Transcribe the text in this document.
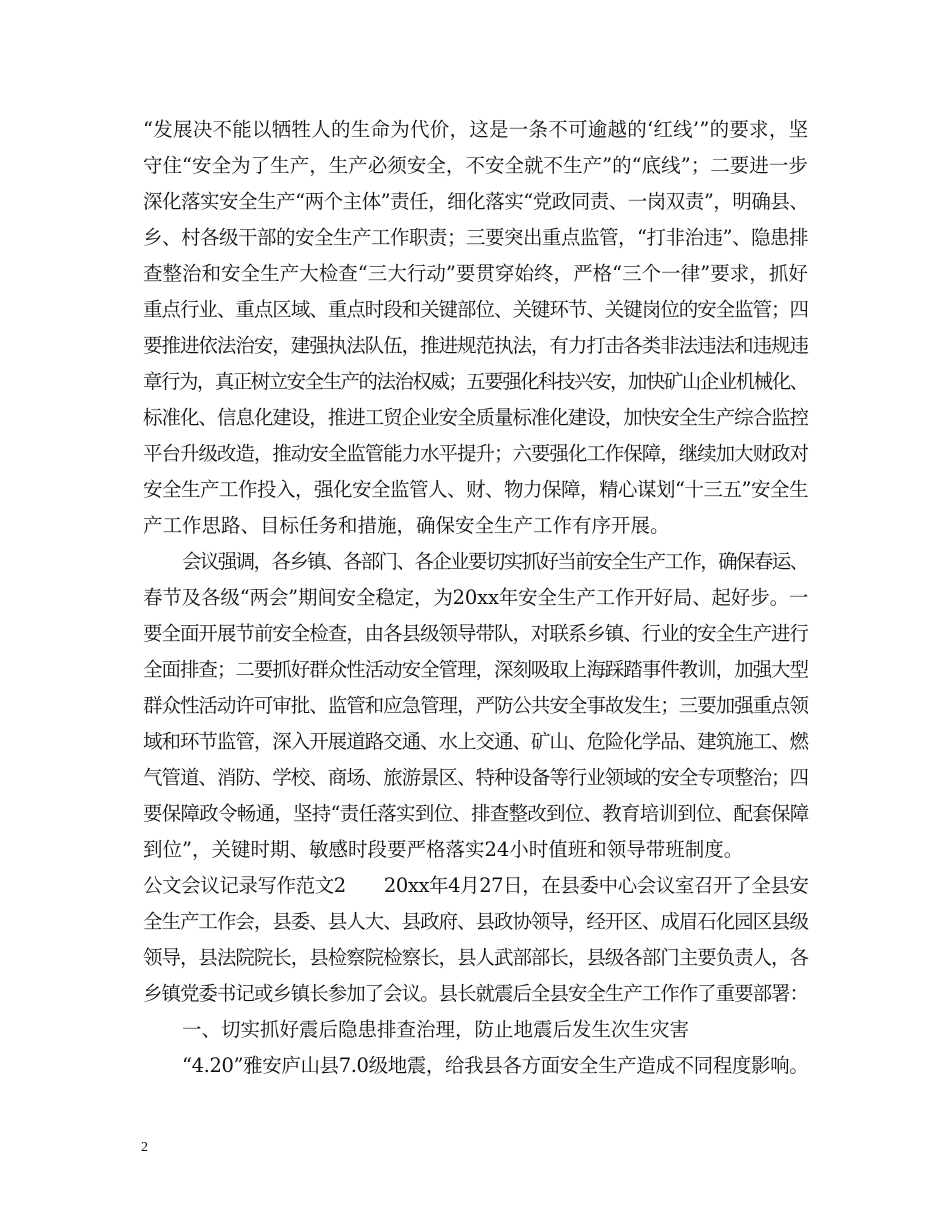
“发展决不能以牺牲人的生命为代价，这是一条不可逾越的‘红线’”的要求，坚

守住“安全为了生产，生产必须安全，不安全就不生产”的“底线”；二要进一步

深化落实安全生产“两个主体”责任，细化落实“党政同责、一岗双责”，明确县、

乡、村各级干部的安全生产工作职责；三要突出重点监管，“打非治违”、隐患排

查整治和安全生产大检查“三大行动”要贯穿始终，严格“三个一律”要求，抓好

重点行业、重点区域、重点时段和关键部位、关键环节、关键岗位的安全监管；四

要推进依法治安，建强执法队伍，推进规范执法，有力打击各类非法违法和违规违

章行为，真正树立安全生产的法治权威；五要强化科技兴安，加快矿山企业机械化、

标准化、信息化建设，推进工贸企业安全质量标准化建设，加快安全生产综合监控

平台升级改造，推动安全监管能力水平提升；六要强化工作保障，继续加大财政对

安全生产工作投入，强化安全监管人、财、物力保障，精心谋划“十三五”安全生

产工作思路、目标任务和措施，确保安全生产工作有序开展。

会议强调，各乡镇、各部门、各企业要切实抓好当前安全生产工作，确保春运、

春节及各级“两会”期间安全稳定，为20xx年安全生产工作开好局、起好步。一

要全面开展节前安全检查，由各县级领导带队，对联系乡镇、行业的安全生产进行

全面排查；二要抓好群众性活动安全管理，深刻吸取上海踩踏事件教训，加强大型

群众性活动许可审批、监管和应急管理，严防公共安全事故发生；三要加强重点领

域和环节监管，深入开展道路交通、水上交通、矿山、危险化学品、建筑施工、燃

气管道、消防、学校、商场、旅游景区、特种设备等行业领域的安全专项整治；四

要保障政令畅通，坚持“责任落实到位、排查整改到位、教育培训到位、配套保障

到位”，关键时期、敏感时段要严格落实24小时值班和领导带班制度。

公文会议记录写作范文2　　20xx年4月27日，在县委中心会议室召开了全县安

全生产工作会，县委、县人大、县政府、县政协领导，经开区、成眉石化园区县级

领导，县法院院长，县检察院检察长，县人武部部长，县级各部门主要负责人，各

乡镇党委书记或乡镇长参加了会议。县长就震后全县安全生产工作作了重要部署：

一、切实抓好震后隐患排查治理，防止地震后发生次生灾害

“4.20”雅安庐山县7.0级地震，给我县各方面安全生产造成不同程度影响。

2
